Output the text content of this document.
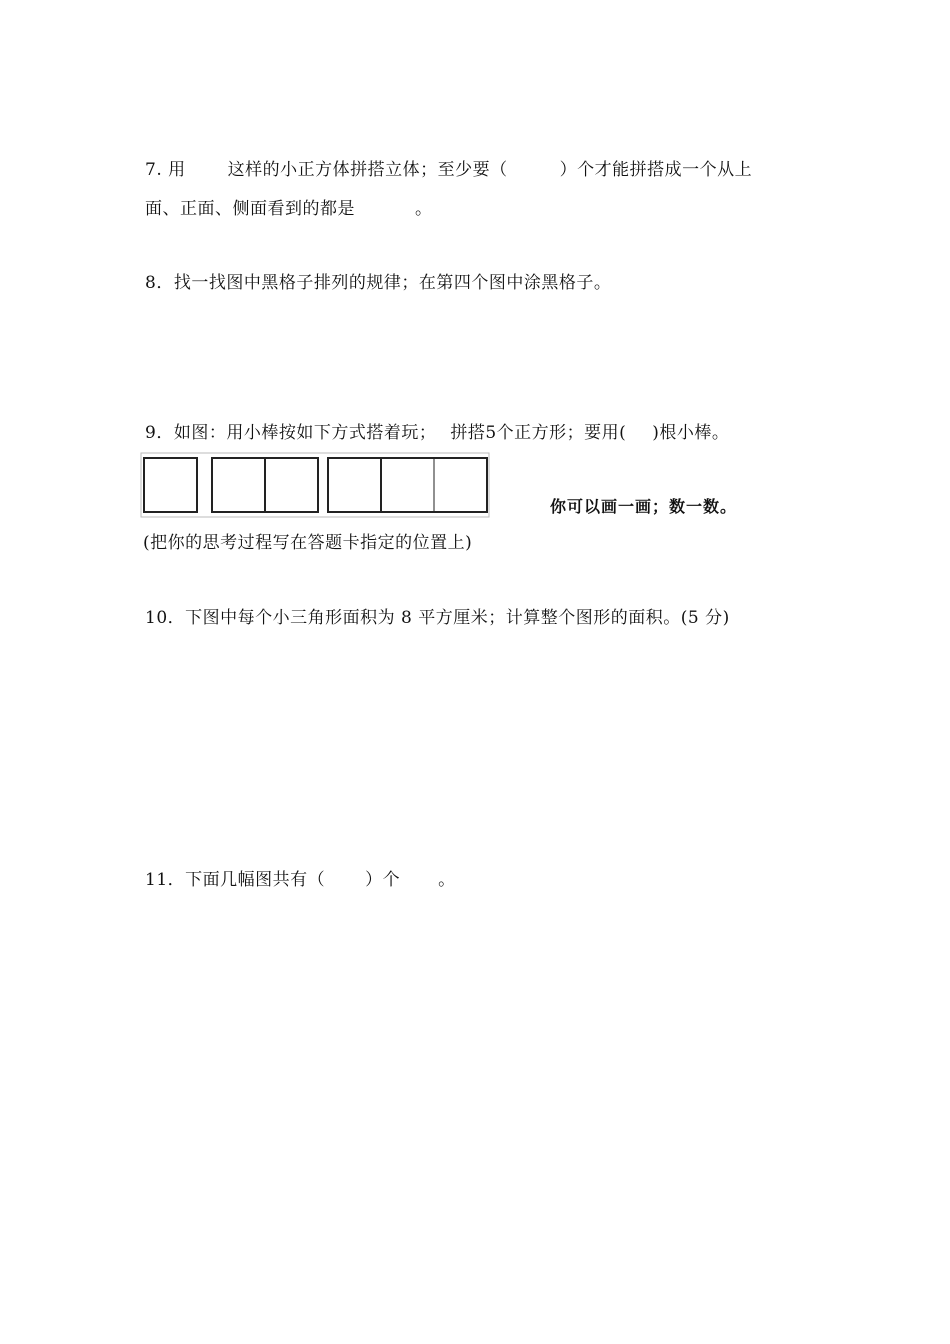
7. 用 这样的小正方体拼搭立体；至少要（	）个才能拼搭成一个从上
面、正面、侧面看到的都是	。
8．找一找图中黑格子排列的规律；在第四个图中涂黑格子。
9．如图：用小棒按如下方式搭着玩； 拼搭5个正方形；要用( )根小棒。
你可以画一画；数一数。
(把你的思考过程写在答题卡指定的位置上)
10．下图中每个小三角形面积为 8 平方厘米；计算整个图形的面积。(5 分)
11．下面几幅图共有（ ）个 。
